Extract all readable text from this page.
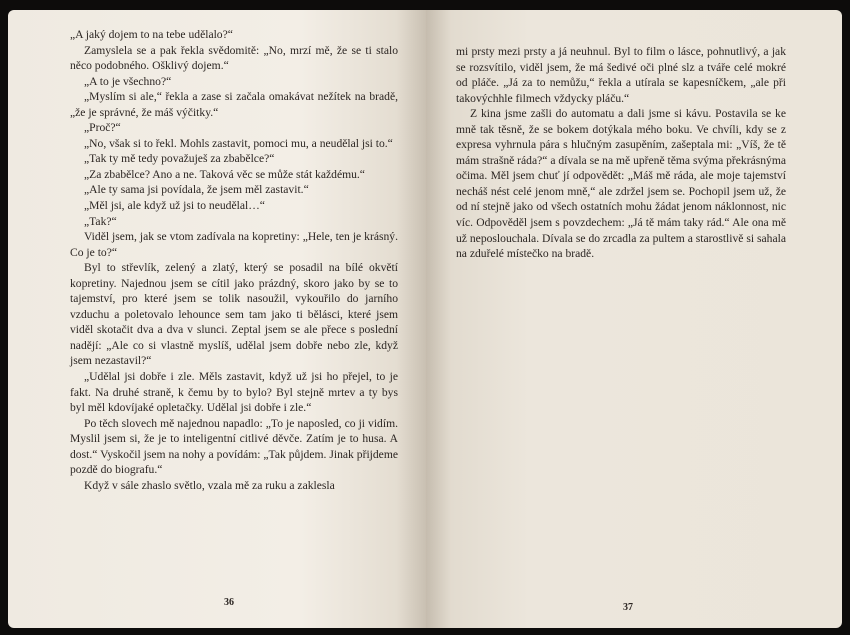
„A jaký dojem to na tebe udělalo?“

Zamyslela se a pak řekla svědomitě: „No, mrzí mě, že se ti stalo něco podobného. Ošklivý dojem.“

„A to je všechno?“

„Myslím si ale,“ řekla a zase si začala omakávat nežítek na bradě, „že je správné, že máš výčitky.“

„Proč?“

„No, však si to řekl. Mohls zastavit, pomoci mu, a neudělal jsi to.“

„Tak ty mě tedy považuješ za zbabělce?“

„Za zbabělce? Ano a ne. Taková věc se může stát každému.“

„Ale ty sama jsi povídala, že jsem měl zastavit.“

„Měl jsi, ale když už jsi to neudělal…“

„Tak?“

Viděl jsem, jak se vtom zadívala na kopretiny: „Hele, ten je krásný. Co je to?“

Byl to střevlík, zelený a zlatý, který se posadil na bílé okvětí kopretiny. Najednou jsem se cítil jako prázdný, skoro jako by se to tajemství, pro které jsem se tolik nasoužil, vykouřilo do jarního vzduchu a poletovalo lehounce sem tam jako ti bělásci, které jsem viděl skotačit dva a dva v slunci. Zeptal jsem se ale přece s poslední nadějí: „Ale co si vlastně myslíš, udělal jsem dobře nebo zle, když jsem nezastavil?“

„Udělal jsi dobře i zle. Měls zastavit, když už jsi ho přejel, to je fakt. Na druhé straně, k čemu by to bylo? Byl stejně mrtev a ty bys byl měl kdovíjaké opletačky. Udělal jsi dobře i zle.“

Po těch slovech mě najednou napadlo: „To je naposled, co ji vidím. Myslil jsem si, že je to inteligentní citlivé děvče. Zatím je to husa. A dost.“ Vyskočil jsem na nohy a povídám: „Tak půjdem. Jinak přijdeme pozdě do biografu.“

Když v sále zhaslo světlo, vzala mě za ruku a zaklesla

36

mi prsty mezi prsty a já neuhnul. Byl to film o lásce, pohnutlivý, a jak se rozsvítilo, viděl jsem, že má šedivé oči plné slz a tváře celé mokré od pláče. „Já za to nemůžu,“ řekla a utírala se kapesníčkem, „ale při takovýchhle filmech vždycky pláču.“

Z kina jsme zašli do automatu a dali jsme si kávu. Postavila se ke mně tak těsně, že se bokem dotýkala mého boku. Ve chvíli, kdy se z expresa vyhrnula pára s hlučným zasupěním, zašeptala mi: „Víš, že tě mám strašně ráda?“ a dívala se na mě upřeně těma svýma překrásnýma očima. Měl jsem chuť jí odpovědět: „Máš mě ráda, ale moje tajemství necháš nést celé jenom mně,“ ale zdržel jsem se. Pochopil jsem už, že od ní stejně jako od všech ostatních mohu žádat jenom náklonnost, nic víc. Odpověděl jsem s povzdechem: „Já tě mám taky rád.“ Ale ona mě už neposlouchala. Dívala se do zrcadla za pultem a starostlivě si sahala na zduřelé místečko na bradě.

37
